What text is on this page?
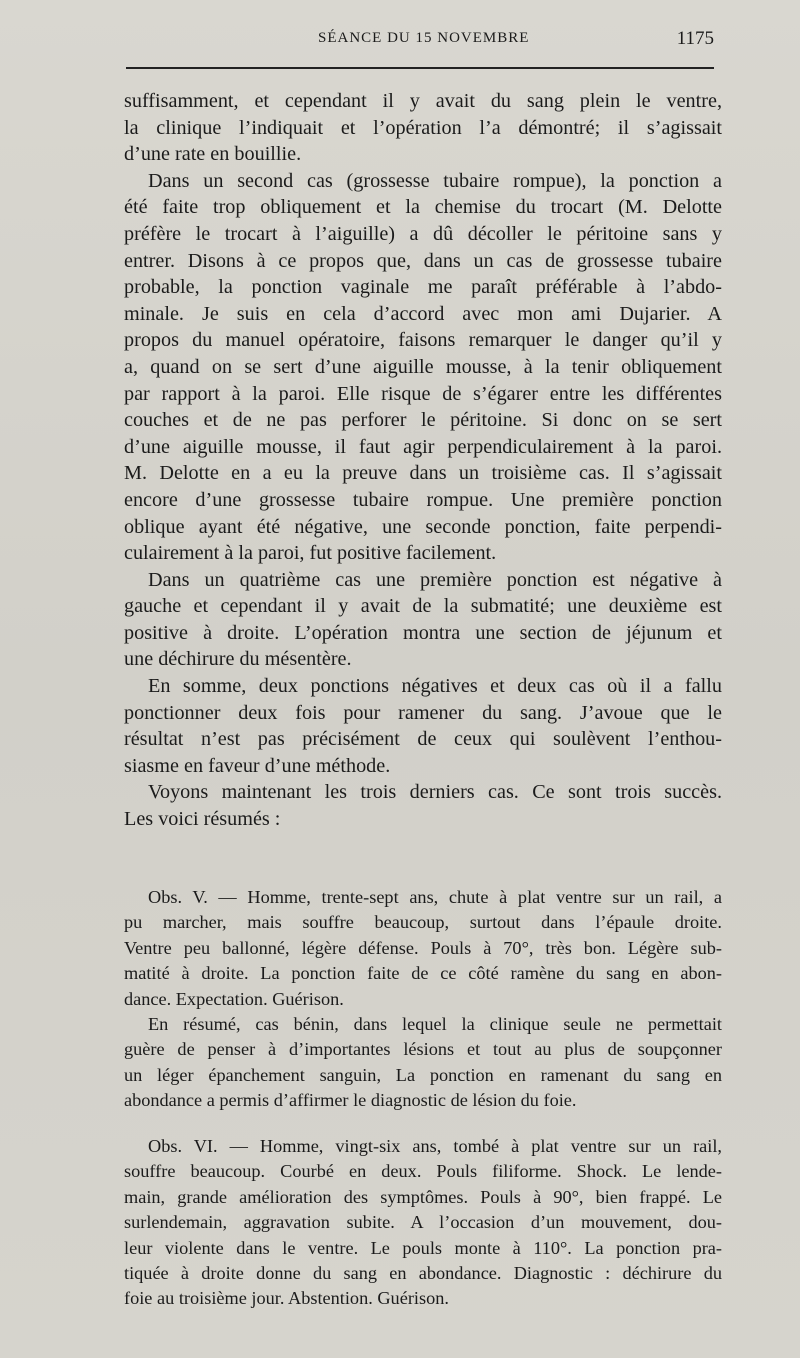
SÉANCE DU 15 NOVEMBRE	1175

suffisamment, et cependant il y avait du sang plein le ventre,

la clinique l’indiquait et l’opération l’a démontré; il s’agissait

d’une rate en bouillie.

Dans un second cas (grossesse tubaire rompue), la ponction a

été faite trop obliquement et la chemise du trocart (M. Delotte

préfère le trocart à l’aiguille) a dû décoller le péritoine sans y

entrer. Disons à ce propos que, dans un cas de grossesse tubaire

probable, la ponction vaginale me paraît préférable à l’abdo-

minale. Je suis en cela d’accord avec mon ami Dujarier. A

propos du manuel opératoire, faisons remarquer le danger qu’il y

a, quand on se sert d’une aiguille mousse, à la tenir obliquement

par rapport à la paroi. Elle risque de s’égarer entre les différentes

couches et de ne pas perforer le péritoine. Si donc on se sert

d’une aiguille mousse, il faut agir perpendiculairement à la paroi.

M. Delotte en a eu la preuve dans un troisième cas. Il s’agissait

encore d’une grossesse tubaire rompue. Une première ponction

oblique ayant été négative, une seconde ponction, faite perpendi-

culairement à la paroi, fut positive facilement.

Dans un quatrième cas une première ponction est négative à

gauche et cependant il y avait de la submatité; une deuxième est

positive à droite. L’opération montra une section de jéjunum et

une déchirure du mésentère.

En somme, deux ponctions négatives et deux cas où il a fallu

ponctionner deux fois pour ramener du sang. J’avoue que le

résultat n’est pas précisément de ceux qui soulèvent l’enthou-

siasme en faveur d’une méthode.

Voyons maintenant les trois derniers cas. Ce sont trois succès.

Les voici résumés :

Obs. V. — Homme, trente-sept ans, chute à plat ventre sur un rail, a

pu marcher, mais souffre beaucoup, surtout dans l’épaule droite.

Ventre peu ballonné, légère défense. Pouls à 70°, très bon. Légère sub-

matité à droite. La ponction faite de ce côté ramène du sang en abon-

dance. Expectation. Guérison.

En résumé, cas bénin, dans lequel la clinique seule ne permettait

guère de penser à d’importantes lésions et tout au plus de soupçonner

un léger épanchement sanguin, La ponction en ramenant du sang en

abondance a permis d’affirmer le diagnostic de lésion du foie.

Obs. VI. — Homme, vingt-six ans, tombé à plat ventre sur un rail,

souffre beaucoup. Courbé en deux. Pouls filiforme. Shock. Le lende-

main, grande amélioration des symptômes. Pouls à 90°, bien frappé. Le

surlendemain, aggravation subite. A l’occasion d’un mouvement, dou-

leur violente dans le ventre. Le pouls monte à 110°. La ponction pra-

tiquée à droite donne du sang en abondance. Diagnostic : déchirure du

foie au troisième jour. Abstention. Guérison.
